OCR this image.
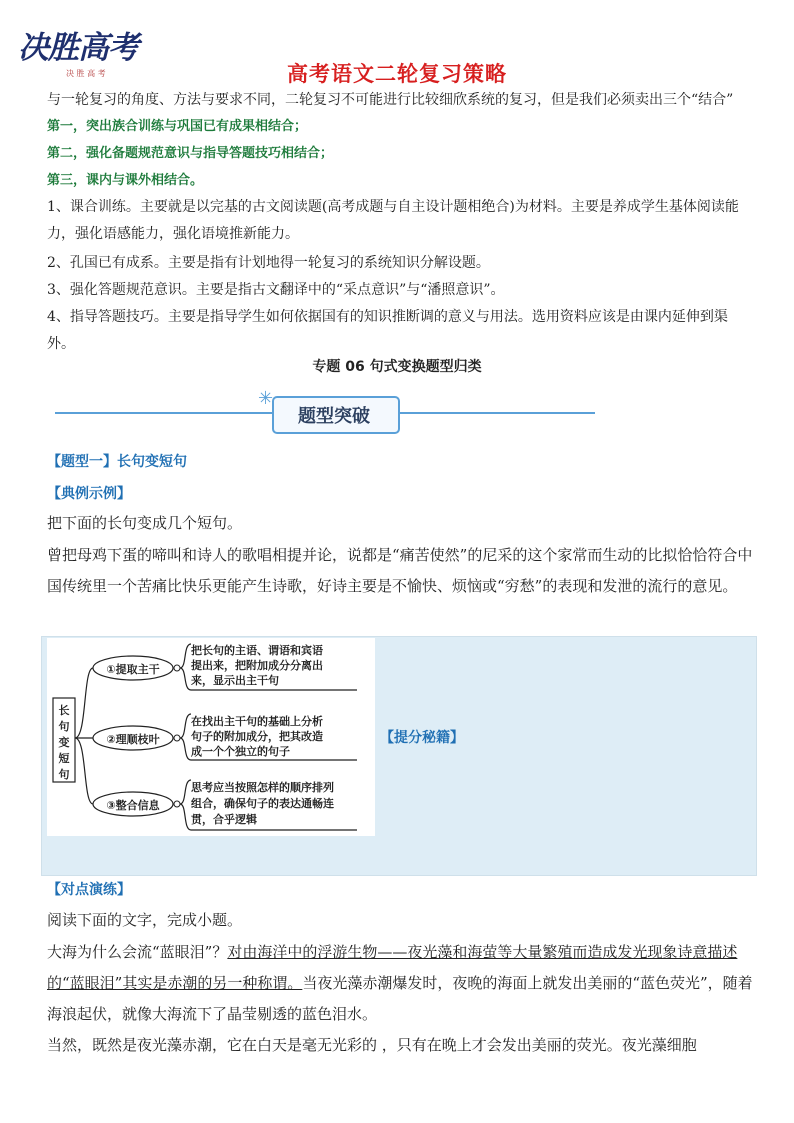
决胜高考
决 胜 高 考	高考语文二轮复习策略
与一轮复习的角度、方法与要求不同，二轮复习不可能进行比较细欣系统的复习，但是我们必须卖出三个“结合”
第一，突出族合训练与巩国已有成果相结合；
第二，强化备题规范意识与指导答题技巧相结合；
第三，课内与课外相结合。
1、课合训练。主要就是以完基的古文阅读题(高考成题与自主设计题相绝合)为材料。主要是养成学生基体阅读能力，强化语感能力，强化语境推新能力。
2、孔国已有成系。主要是指有计划地得一轮复习的系统知识分解设题。
3、强化答题规范意识。主要是指古文翻译中的“采点意识”与“潘照意识”。
4、指导答题技巧。主要是指导学生如何依据国有的知识推断调的意义与用法。选用资料应该是由课内延伸到渠外。
专题 06 句式变换题型归类
✳
题型突破
【题型一】长句变短句
【典例示例】
把下面的长句变成几个短句。
曾把母鸡下蛋的啼叫和诗人的歌唱相提并论，说都是“痛苦使然”的尼采的这个家常而生动的比拟恰恰符合中国传统里一个苦痛比快乐更能产生诗歌，好诗主要是不愉快、烦恼或“穷愁”的表现和发泄的流行的意见。
长
句
变
短
句
①提取主干
②理顺枝叶
③整合信息
把长句的主语、谓语和宾语
提出来，把附加成分分离出
来，显示出主干句
在找出主干句的基础上分析
句子的附加成分，把其改造
成一个个独立的句子
思考应当按照怎样的顺序排列
组合，确保句子的表达通畅连
贯，合乎逻辑
【提分秘籍】
【对点演练】
阅读下面的文字，完成小题。
大海为什么会流“蓝眼泪”？对由海洋中的浮游生物——夜光藻和海萤等大量繁殖而造成发光现象诗意描述的“蓝眼泪”其实是赤潮的另一种称谓。当夜光藻赤潮爆发时，夜晚的海面上就发出美丽的“蓝色荧光”，随着海浪起伏，就像大海流下了晶莹剔透的蓝色泪水。
当然，既然是夜光藻赤潮，它在白天是毫无光彩的 ，只有在晚上才会发出美丽的荧光。夜光藻细胞
